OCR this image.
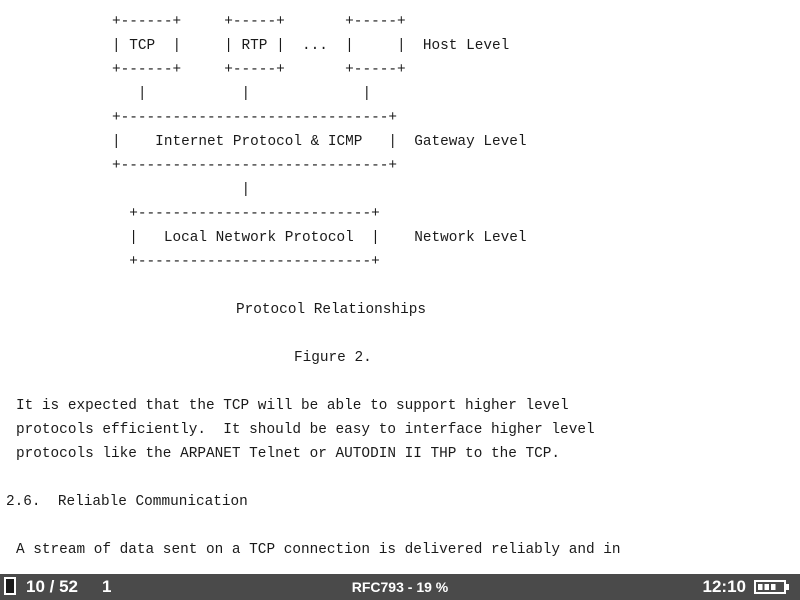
+------+     +-----+       +-----+
| TCP  |     | RTP |  ...  |     |  Host Level
+------+     +-----+       +-----+
|           |             |
+-------------------------------+
|    Internet Protocol & ICMP   |  Gateway Level
+-------------------------------+
|
+---------------------------+
|   Local Network Protocol  |    Network Level
+---------------------------+
Protocol Relationships
Figure 2.
It is expected that the TCP will be able to support higher level
protocols efficiently.  It should be easy to interface higher level
protocols like the ARPANET Telnet or AUTODIN II THP to the TCP.
2.6.  Reliable Communication
A stream of data sent on a TCP connection is delivered reliably and in
10 / 52 1	RFC793 - 19 %	12:10
